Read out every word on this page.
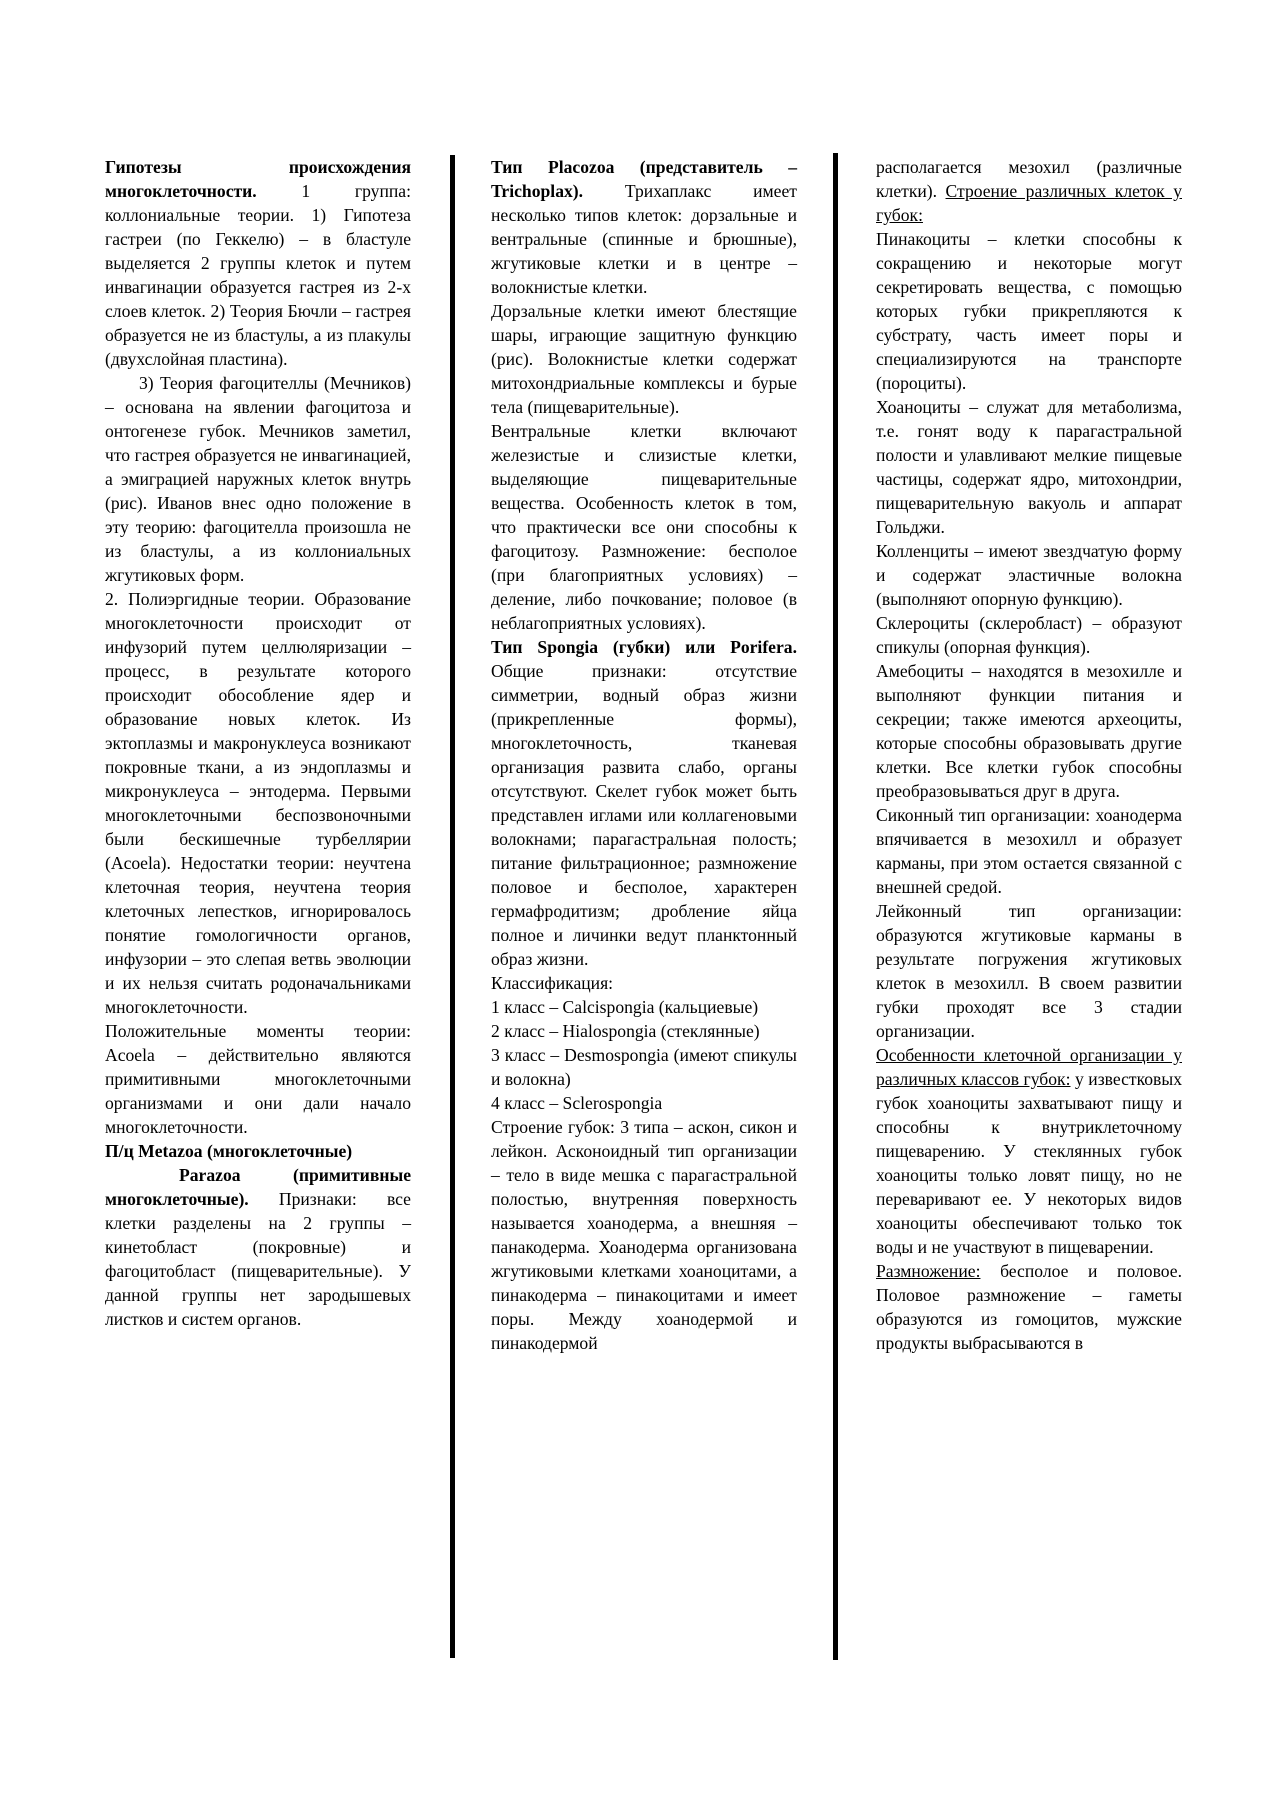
Гипотезы происхождения многоклеточности. 1 группа: коллониальные теории. 1) Гипотеза гастреи (по Геккелю) – в бластуле выделяется 2 группы клеток и путем инвагинации образуется гастрея из 2-х слоев клеток. 2) Теория Бючли – гастрея образуется не из бластулы, а из плакулы (двухслойная пластина).

3) Теория фагоцителлы (Мечников) – основана на явлении фагоцитоза и онтогенезе губок. Мечников заметил, что гастрея образуется не инвагинацией, а эмиграцией наружных клеток внутрь (рис). Иванов внес одно положение в эту теорию: фагоцителла произошла не из бластулы, а из коллониальных жгутиковых форм.

2. Полиэргидные теории. Образование многоклеточности происходит от инфузорий путем целлюляризации – процесс, в результате которого происходит обособление ядер и образование новых клеток. Из эктоплазмы и макронуклеуса возникают покровные ткани, а из эндоплазмы и микронуклеуса – энтодерма. Первыми многоклеточными беспозвоночными были бескишечные турбеллярии (Acoela). Недостатки теории: неучтена клеточная теория, неучтена теория клеточных лепестков, игнорировалось понятие гомологичности органов, инфузории – это слепая ветвь эволюции и их нельзя считать родоначальниками многоклеточности.

Положительные моменты теории: Acoela – действительно являются примитивными многоклеточными организмами и они дали начало многоклеточности.

П/ц Metazoa (многоклеточные)

Parazoa (примитивные многоклеточные). Признаки: все клетки разделены на 2 группы – кинетобласт (покровные) и фагоцитобласт (пищеварительные). У данной группы нет зародышевых листков и систем органов.

Тип Placozoa (представитель – Trichoplax). Трихаплакс имеет несколько типов клеток: дорзальные и вентральные (спинные и брюшные), жгутиковые клетки и в центре – волокнистые клетки.

Дорзальные клетки имеют блестящие шары, играющие защитную функцию (рис). Волокнистые клетки содержат митохондриальные комплексы и бурые тела (пищеварительные).

Вентральные клетки включают железистые и слизистые клетки, выделяющие пищеварительные вещества. Особенность клеток в том, что практически все они способны к фагоцитозу. Размножение: бесполое (при благоприятных условиях) – деление, либо почкование; половое (в неблагоприятных условиях).

Тип Spongia (губки) или Porifera. Общие признаки: отсутствие симметрии, водный образ жизни (прикрепленные формы), многоклеточность, тканевая организация развита слабо, органы отсутствуют. Скелет губок может быть представлен иглами или коллагеновыми волокнами; парагастральная полость; питание фильтрационное; размножение половое и бесполое, характерен гермафродитизм; дробление яйца полное и личинки ведут планктонный образ жизни.

Классификация:

1 класс – Calcispongia (кальциевые)

2 класс – Hialospongia (стеклянные)

3 класс – Desmospongia (имеют спикулы и волокна)

4 класс – Sclerospongia

Строение губок: 3 типа – аскон, сикон и лейкон. Асконоидный тип организации – тело в виде мешка с парагастральной полостью, внутренняя поверхность называется хоанодерма, а внешняя – панакодерма. Хоанодерма организована жгутиковыми клетками хоаноцитами, а пинакодерма – пинакоцитами и имеет поры. Между хоанодермой и пинакодермой

располагается мезохил (различные клетки). Строение различных клеток у губок:

Пинакоциты – клетки способны к сокращению и некоторые могут секретировать вещества, с помощью которых губки прикрепляются к субстрату, часть имеет поры и специализируются на транспорте (пороциты).

Хоаноциты – служат для метаболизма, т.е. гонят воду к парагастральной полости и улавливают мелкие пищевые частицы, содержат ядро, митохондрии, пищеварительную вакуоль и аппарат Гольджи.

Колленциты – имеют звездчатую форму и содержат эластичные волокна (выполняют опорную функцию).

Склероциты (склеробласт) – образуют спикулы (опорная функция).

Амебоциты – находятся в мезохилле и выполняют функции питания и секреции; также имеются археоциты, которые способны образовывать другие клетки. Все клетки губок способны преобразовываться друг в друга.

Сиконный тип организации: хоанодерма впячивается в мезохилл и образует карманы, при этом остается связанной с внешней средой.

Лейконный тип организации: образуются жгутиковые карманы в результате погружения жгутиковых клеток в мезохилл. В своем развитии губки проходят все 3 стадии организации.

Особенности клеточной организации у различных классов губок: у известковых губок хоаноциты захватывают пищу и способны к внутриклеточному пищеварению. У стеклянных губок хоаноциты только ловят пищу, но не переваривают ее. У некоторых видов хоаноциты обеспечивают только ток воды и не участвуют в пищеварении.

Размножение: бесполое и половое. Половое размножение – гаметы образуются из гомоцитов, мужские продукты выбрасываются в
